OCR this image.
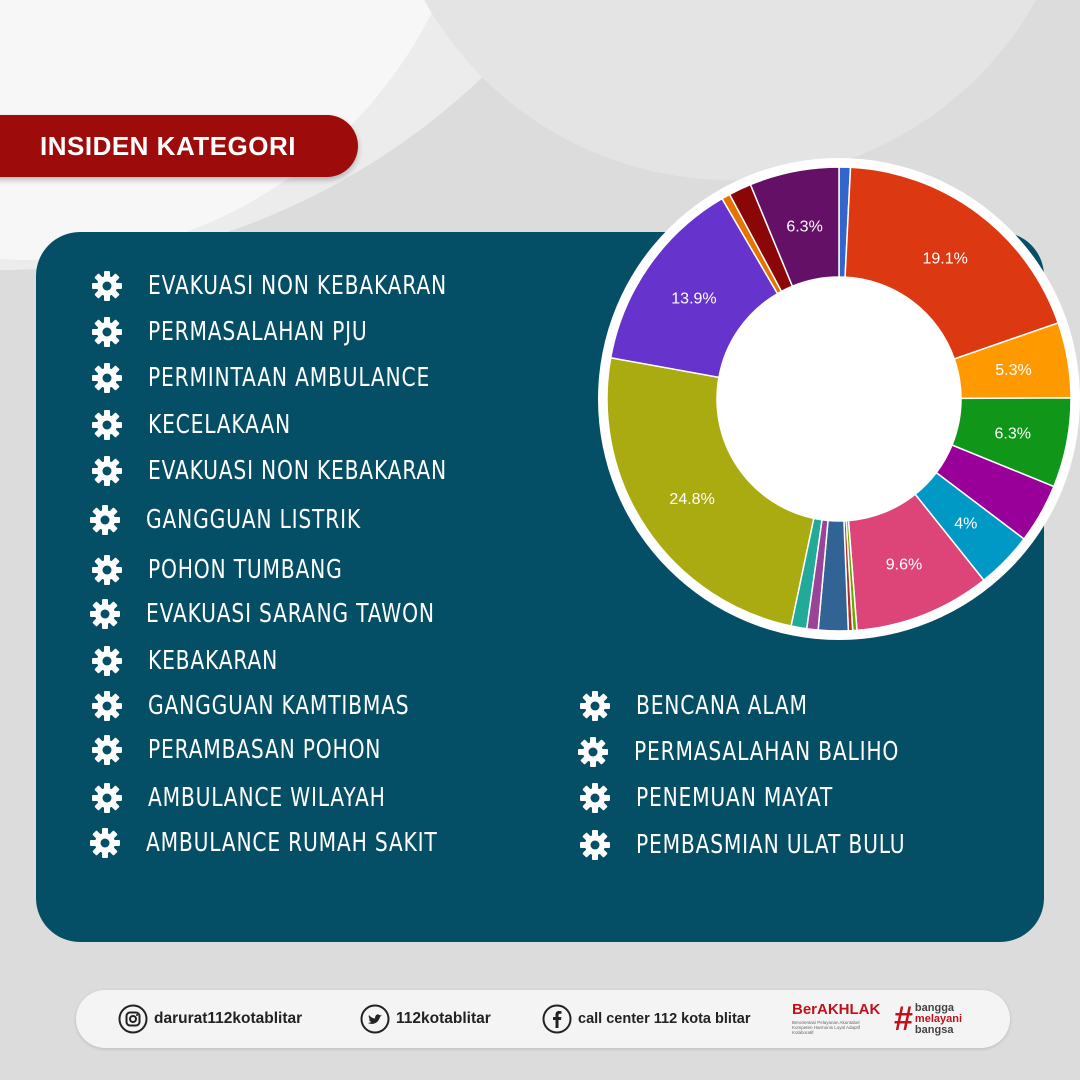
INSIDEN KATEGORI
19.1%
5.3%
6.3%
4%
9.6%
24.8%
13.9%
6.3%
EVAKUASI NON KEBAKARAN
PERMASALAHAN PJU
PERMINTAAN AMBULANCE
KECELAKAAN
EVAKUASI NON KEBAKARAN
GANGGUAN LISTRIK
POHON TUMBANG
EVAKUASI SARANG TAWON
KEBAKARAN
GANGGUAN KAMTIBMAS
PERAMBASAN POHON
AMBULANCE WILAYAH
AMBULANCE RUMAH SAKIT
BENCANA ALAM
PERMASALAHAN BALIHO
PENEMUAN MAYAT
PEMBASMIAN ULAT BULU
darurat112kotablitar	112kotablitar	call center 112 kota blitar
BerAKHLAK
Berorientasi Pelayanan Akuntabel Kompeten Harmonis Loyal Adaptif Kolaboratif	# bangga
melayani
bangsa
